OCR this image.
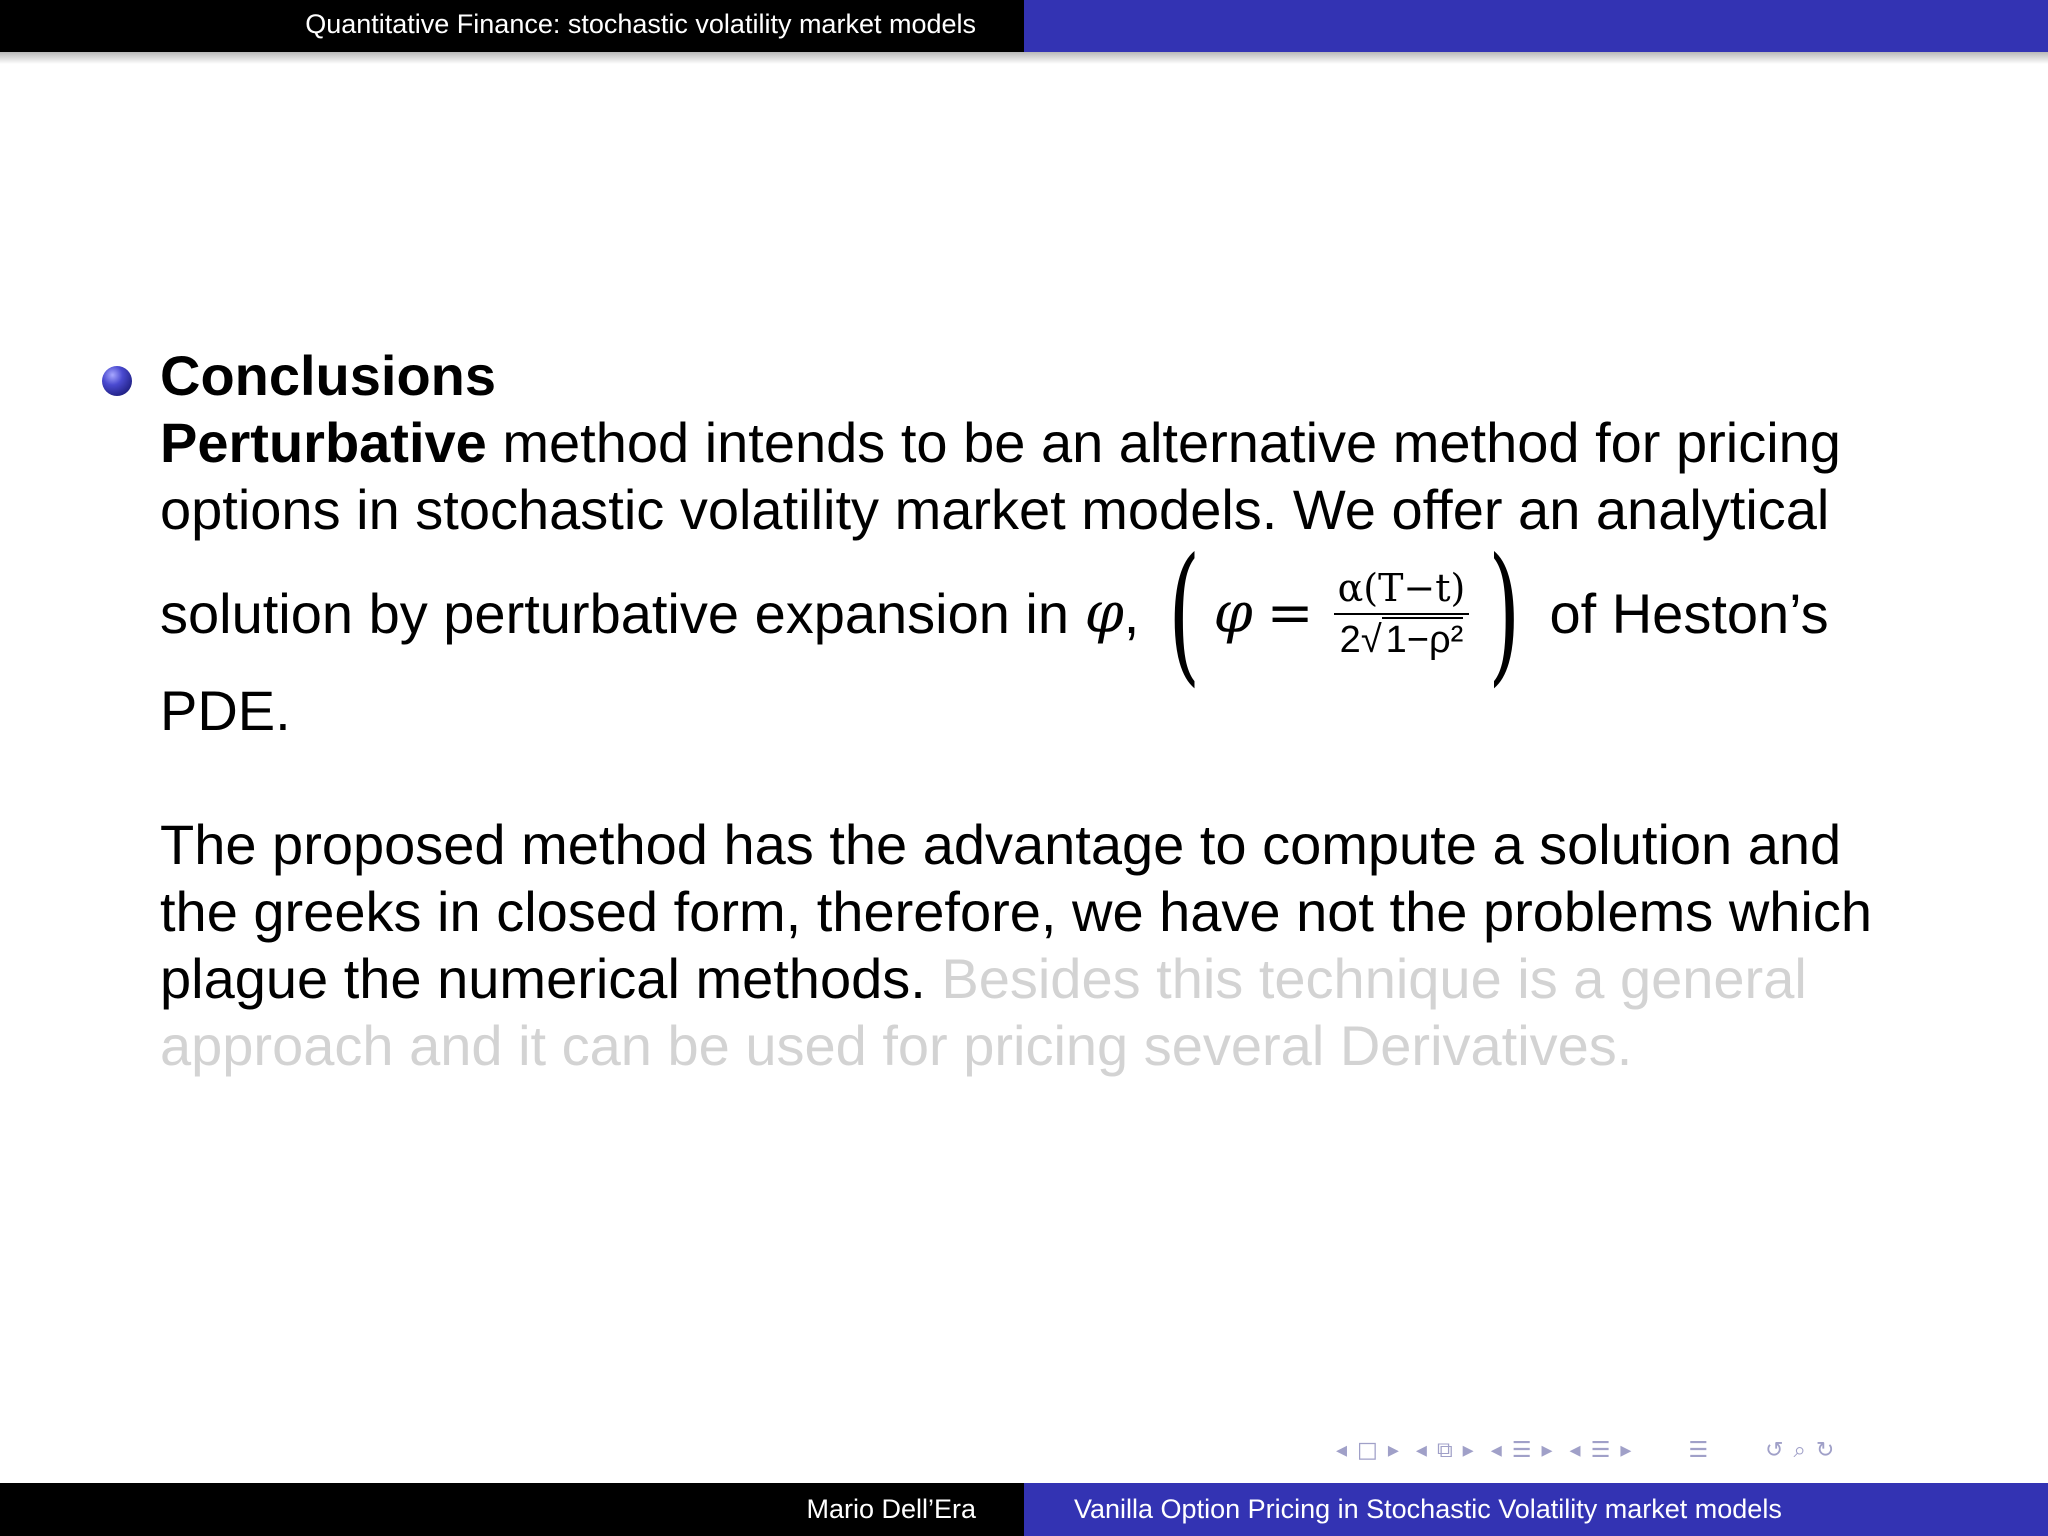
Quantitative Finance: stochastic volatility market models

Conclusions

Perturbative method intends to be an alternative method for pricing

options in stochastic volatility market models. We offer an analytical

solution by perturbative expansion in φ, ( $\varphi = \frac{\alpha(T-t)}{\text{2√ 1−ρ²}}$ ) of Heston’s

PDE.

The proposed method has the advantage to compute a solution and

the greeks in closed form, therefore, we have not the problems which

plague the numerical methods. Besides this technique is a general

approach and it can be used for pricing several Derivatives.

◂ □ ▸ ◂ ⧉ ▸ ◂ ☰ ▸ ◂ ☰ ▸	☰	↺ ⌕ ↻
Mario Dell’Era	Vanilla Option Pricing in Stochastic Volatility market models
